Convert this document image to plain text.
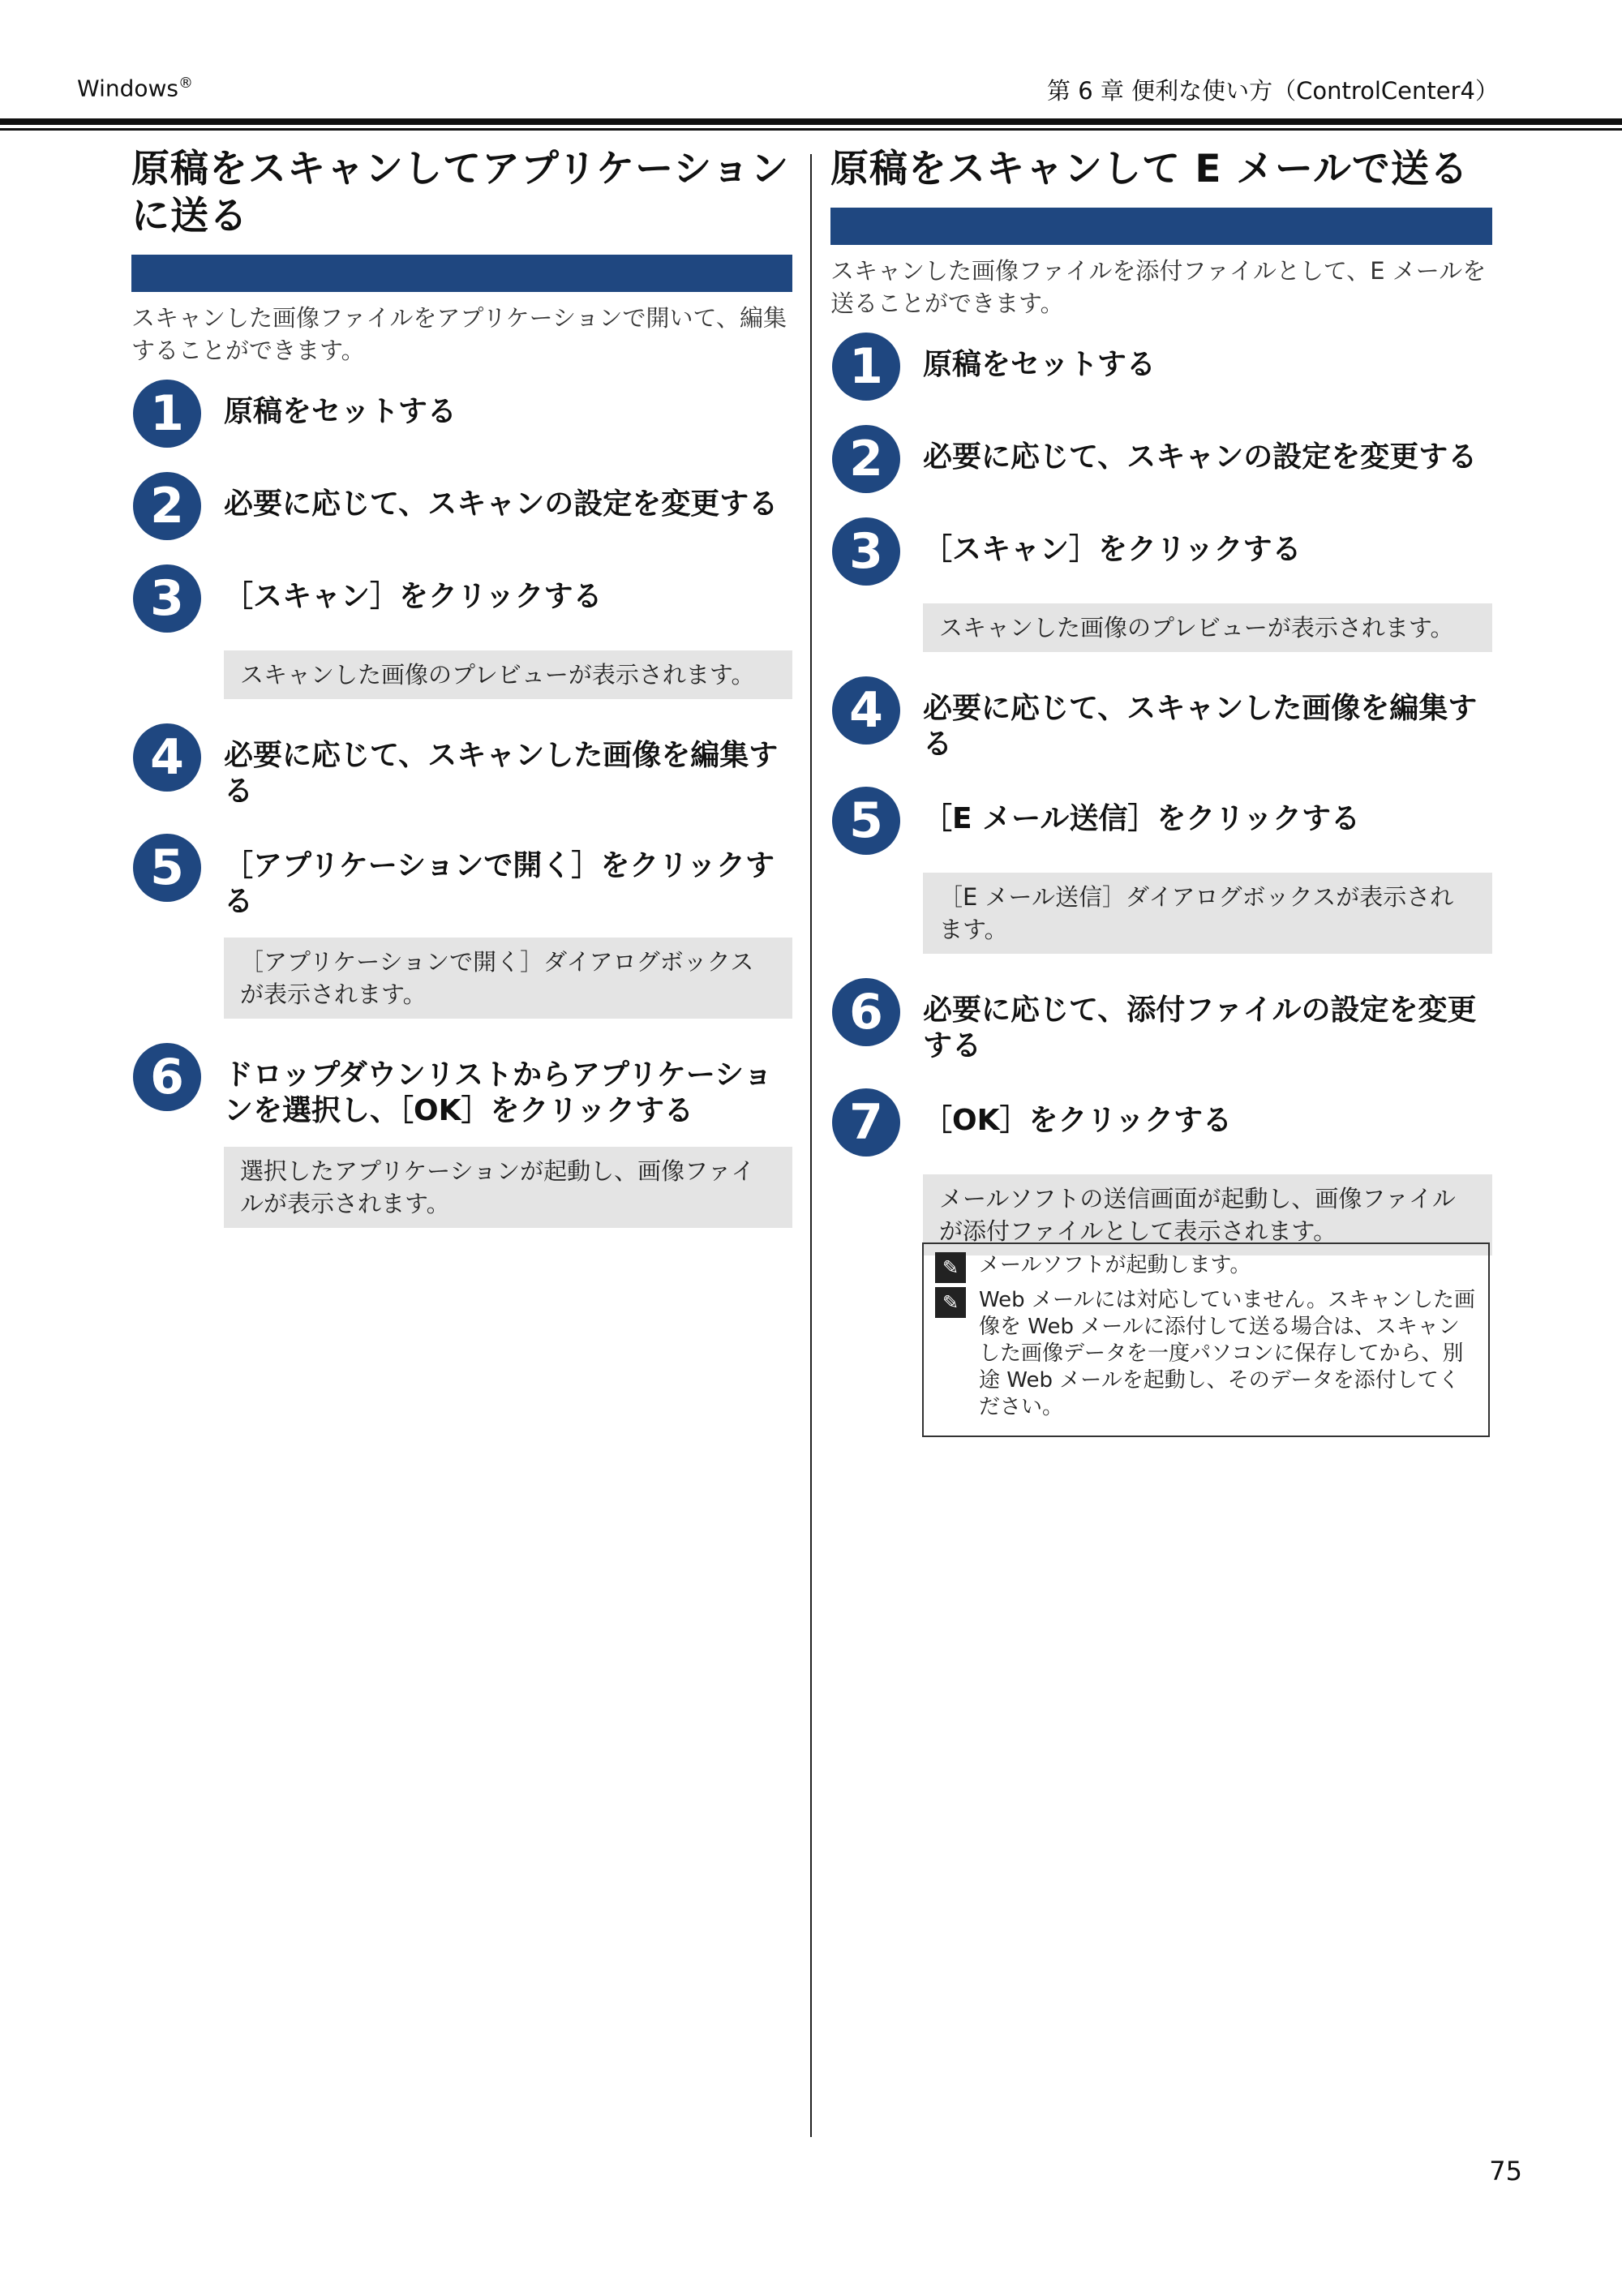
Windows®	第 6 章 便利な使い方（ControlCenter4）
原稿をスキャンしてアプリケーションに送る
スキャンした画像ファイルをアプリケーションで開いて、編集することができます。
1	原稿をセットする
2	必要に応じて、スキャンの設定を変更する
3	［スキャン］をクリックする
スキャンした画像のプレビューが表示されます。
4	必要に応じて、スキャンした画像を編集する
5	［アプリケーションで開く］をクリックする
［アプリケーションで開く］ダイアログボックスが表示されます。
6	ドロップダウンリストからアプリケーションを選択し、［OK］をクリックする
選択したアプリケーションが起動し、画像ファイルが表示されます。
原稿をスキャンして E メールで送る
スキャンした画像ファイルを添付ファイルとして、E メールを送ることができます。
1	原稿をセットする
2	必要に応じて、スキャンの設定を変更する
3	［スキャン］をクリックする
スキャンした画像のプレビューが表示されます。
4	必要に応じて、スキャンした画像を編集する
5	［E メール送信］をクリックする
［E メール送信］ダイアログボックスが表示されます。
6	必要に応じて、添付ファイルの設定を変更する
7	［OK］をクリックする
メールソフトの送信画面が起動し、画像ファイルが添付ファイルとして表示されます。
✎ メールソフトが起動します。
✎ Web メールには対応していません。スキャンした画像を Web メールに添付して送る場合は、スキャンした画像データを一度パソコンに保存してから、別途 Web メールを起動し、そのデータを添付してください。
75
